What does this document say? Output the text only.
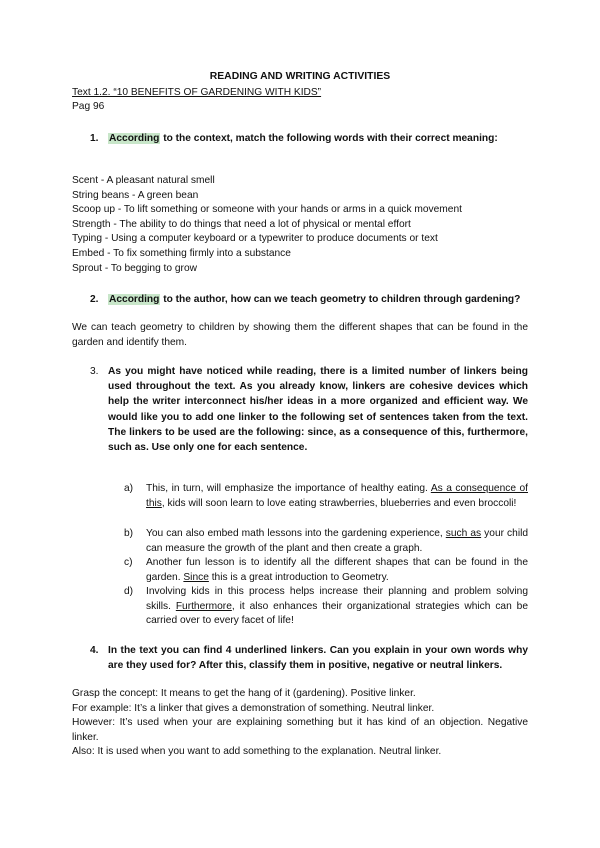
READING AND WRITING ACTIVITIES
Text 1.2. “10 BENEFITS OF GARDENING WITH KIDS”
Pag 96
1. According to the context, match the following words with their correct meaning:
Scent - A pleasant natural smell
String beans - A green bean
Scoop up - To lift something or someone with your hands or arms in a quick movement
Strength - The ability to do things that need a lot of physical or mental effort
Typing - Using a computer keyboard or a typewriter to produce documents or text
Embed - To fix something firmly into a substance
Sprout - To begging to grow
2. According to the author, how can we teach geometry to children through gardening?
We can teach geometry to children by showing them the different shapes that can be found in the garden and identify them.
3. As you might have noticed while reading, there is a limited number of linkers being used throughout the text. As you already know, linkers are cohesive devices which help the writer interconnect his/her ideas in a more organized and efficient way. We would like you to add one linker to the following set of sentences taken from the text. The linkers to be used are the following: since, as a consequence of this, furthermore, such as. Use only one for each sentence.
a) This, in turn, will emphasize the importance of healthy eating. As a consequence of this, kids will soon learn to love eating strawberries, blueberries and even broccoli!
b) You can also embed math lessons into the gardening experience, such as your child can measure the growth of the plant and then create a graph.
c) Another fun lesson is to identify all the different shapes that can be found in the garden. Since this is a great introduction to Geometry.
d) Involving kids in this process helps increase their planning and problem solving skills. Furthermore, it also enhances their organizational strategies which can be carried over to every facet of life!
4. In the text you can find 4 underlined linkers. Can you explain in your own words why are they used for? After this, classify them in positive, negative or neutral linkers.
Grasp the concept: It means to get the hang of it (gardening). Positive linker.
For example: It’s a linker that gives a demonstration of something. Neutral linker.
However: It’s used when your are explaining something but it has kind of an objection. Negative linker.
Also: It is used when you want to add something to the explanation. Neutral linker.
